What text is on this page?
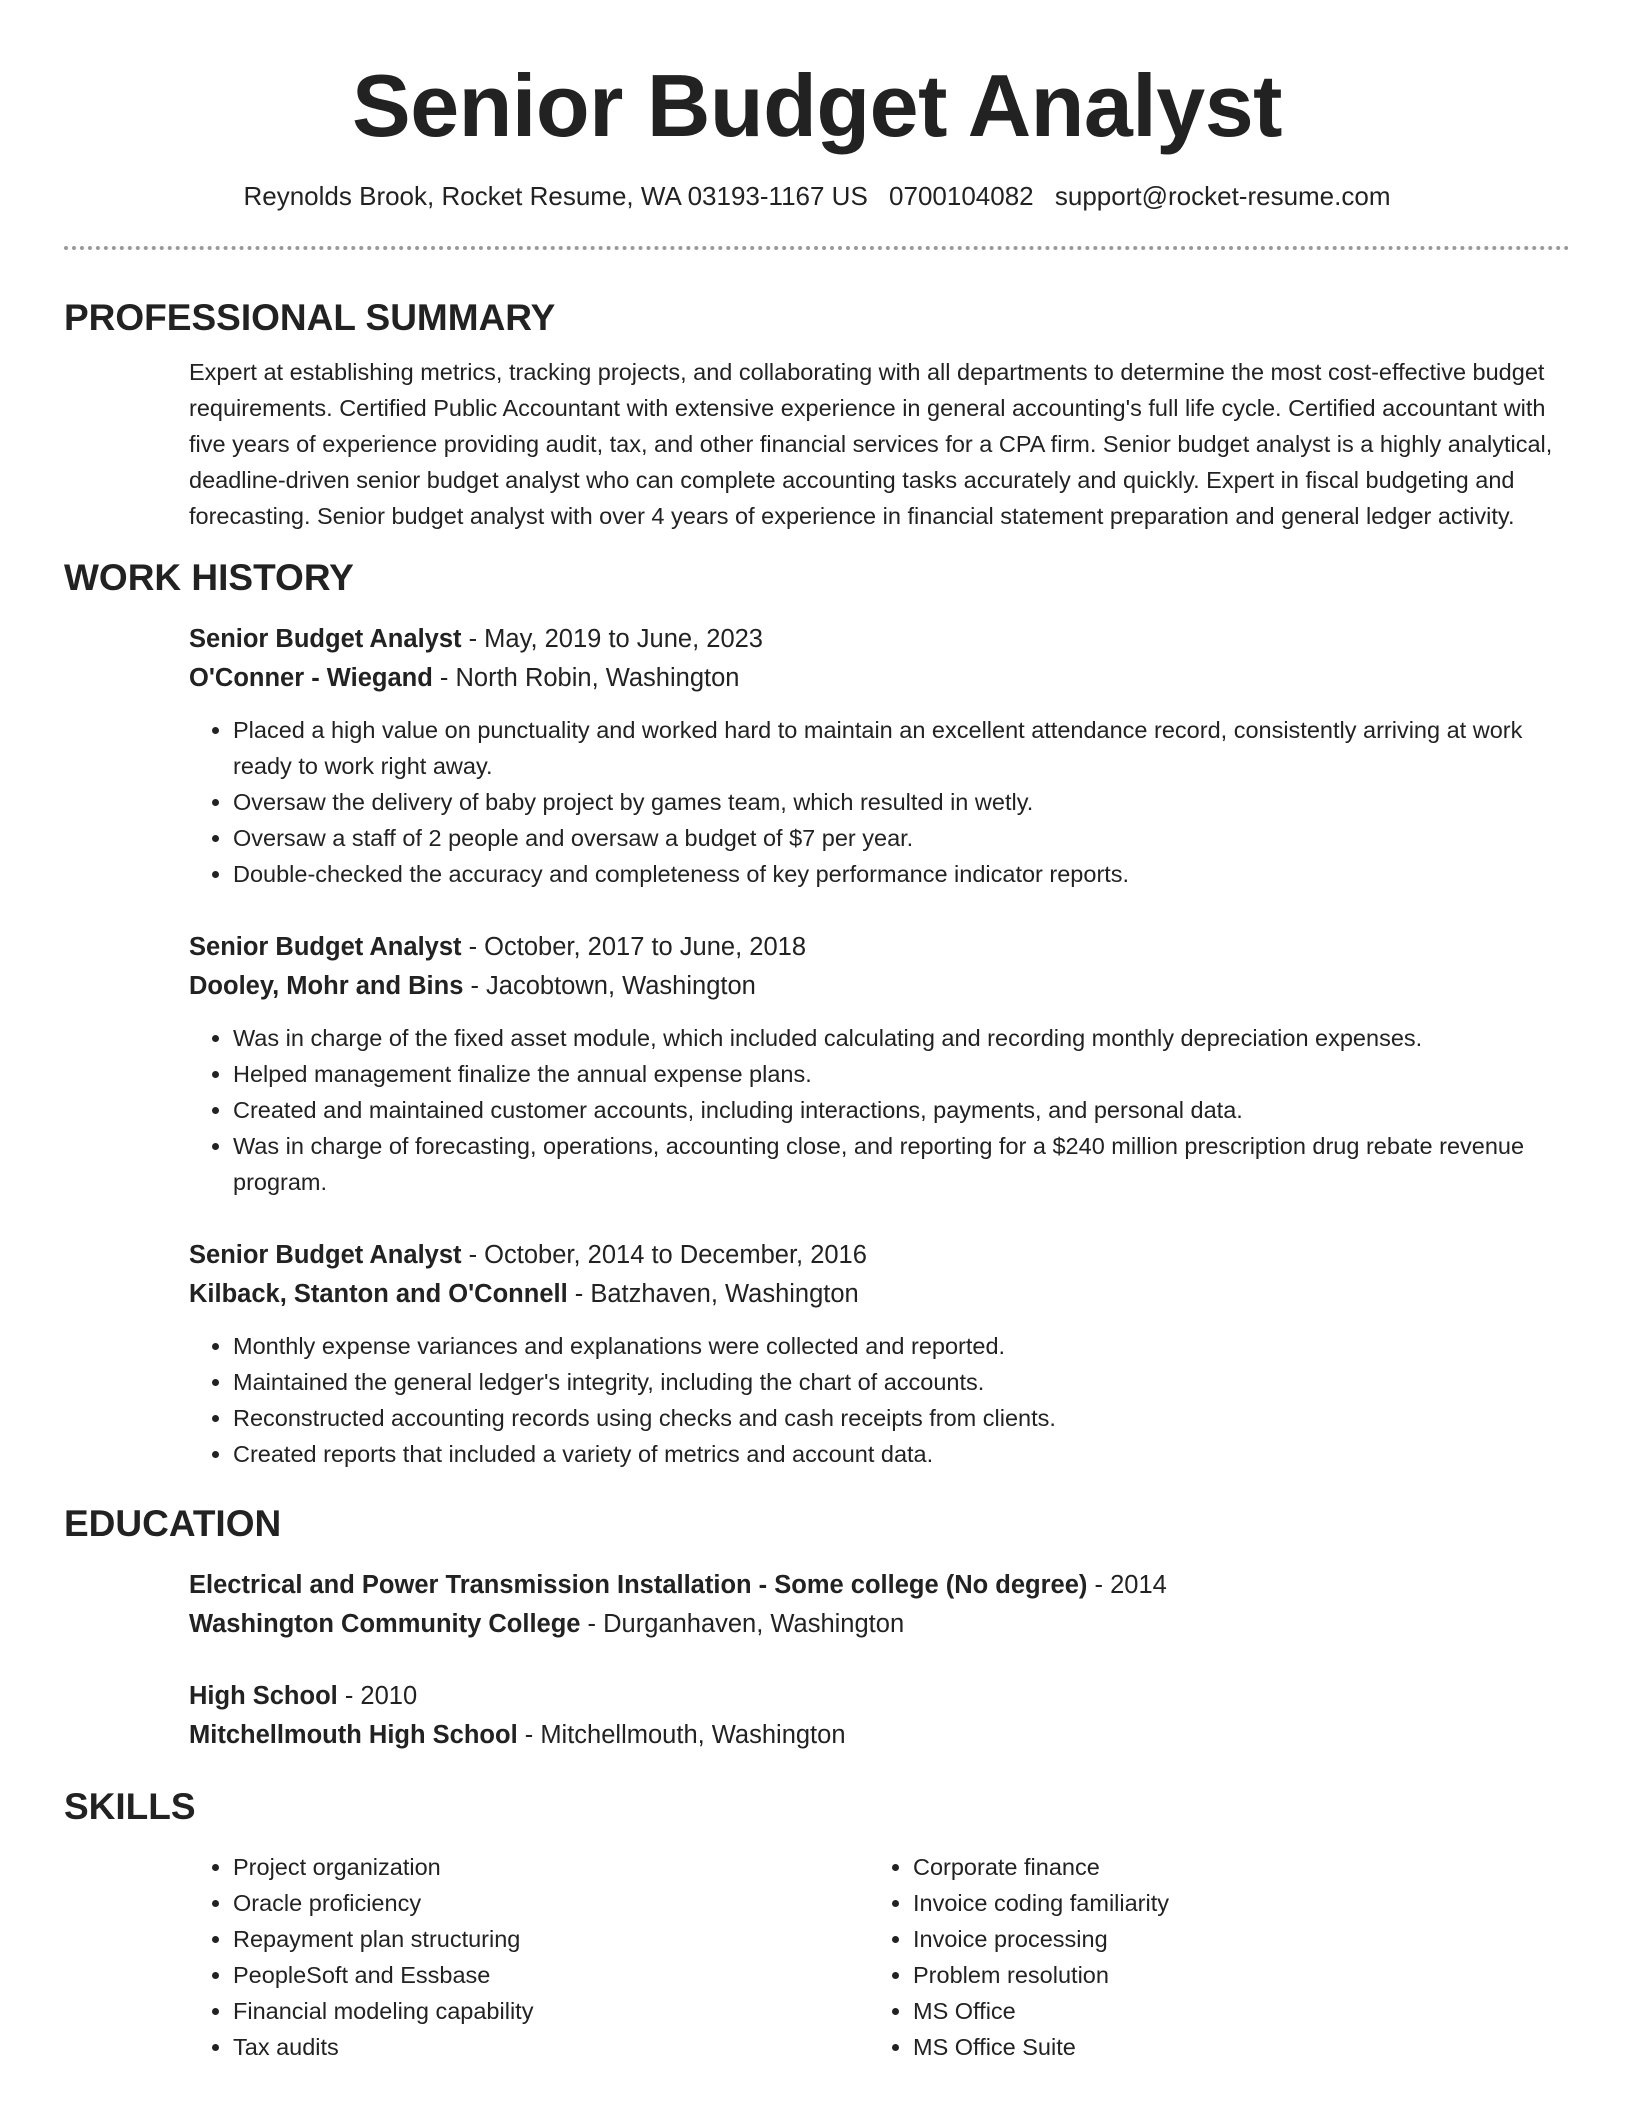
Senior Budget Analyst
Reynolds Brook, Rocket Resume, WA 03193-1167 US 0700104082 support@rocket-resume.com
PROFESSIONAL SUMMARY

Expert at establishing metrics, tracking projects, and collaborating with all departments to determine the most cost-effective budget requirements. Certified Public Accountant with extensive experience in general accounting's full life cycle. Certified accountant with five years of experience providing audit, tax, and other financial services for a CPA firm. Senior budget analyst is a highly analytical, deadline-driven senior budget analyst who can complete accounting tasks accurately and quickly. Expert in fiscal budgeting and forecasting. Senior budget analyst with over 4 years of experience in financial statement preparation and general ledger activity.

WORK HISTORY

Senior Budget Analyst - May, 2019 to June, 2023

O'Conner - Wiegand - North Robin, Washington

• Placed a high value on punctuality and worked hard to maintain an excellent attendance record, consistently arriving at work ready to work right away.
• Oversaw the delivery of baby project by games team, which resulted in wetly.
• Oversaw a staff of 2 people and oversaw a budget of $7 per year.
• Double-checked the accuracy and completeness of key performance indicator reports.

Senior Budget Analyst - October, 2017 to June, 2018

Dooley, Mohr and Bins - Jacobtown, Washington

• Was in charge of the fixed asset module, which included calculating and recording monthly depreciation expenses.
• Helped management finalize the annual expense plans.
• Created and maintained customer accounts, including interactions, payments, and personal data.
• Was in charge of forecasting, operations, accounting close, and reporting for a $240 million prescription drug rebate revenue program.

Senior Budget Analyst - October, 2014 to December, 2016

Kilback, Stanton and O'Connell - Batzhaven, Washington

• Monthly expense variances and explanations were collected and reported.
• Maintained the general ledger's integrity, including the chart of accounts.
• Reconstructed accounting records using checks and cash receipts from clients.
• Created reports that included a variety of metrics and account data.
EDUCATION

Electrical and Power Transmission Installation - Some college (No degree) - 2014

Washington Community College - Durganhaven, Washington

High School - 2010

Mitchellmouth High School - Mitchellmouth, Washington

SKILLS
• Project organization
• Oracle proficiency
• Repayment plan structuring
• PeopleSoft and Essbase
• Financial modeling capability
• Tax audits
• Corporate finance
• Invoice coding familiarity
• Invoice processing
• Problem resolution
• MS Office
• MS Office Suite
